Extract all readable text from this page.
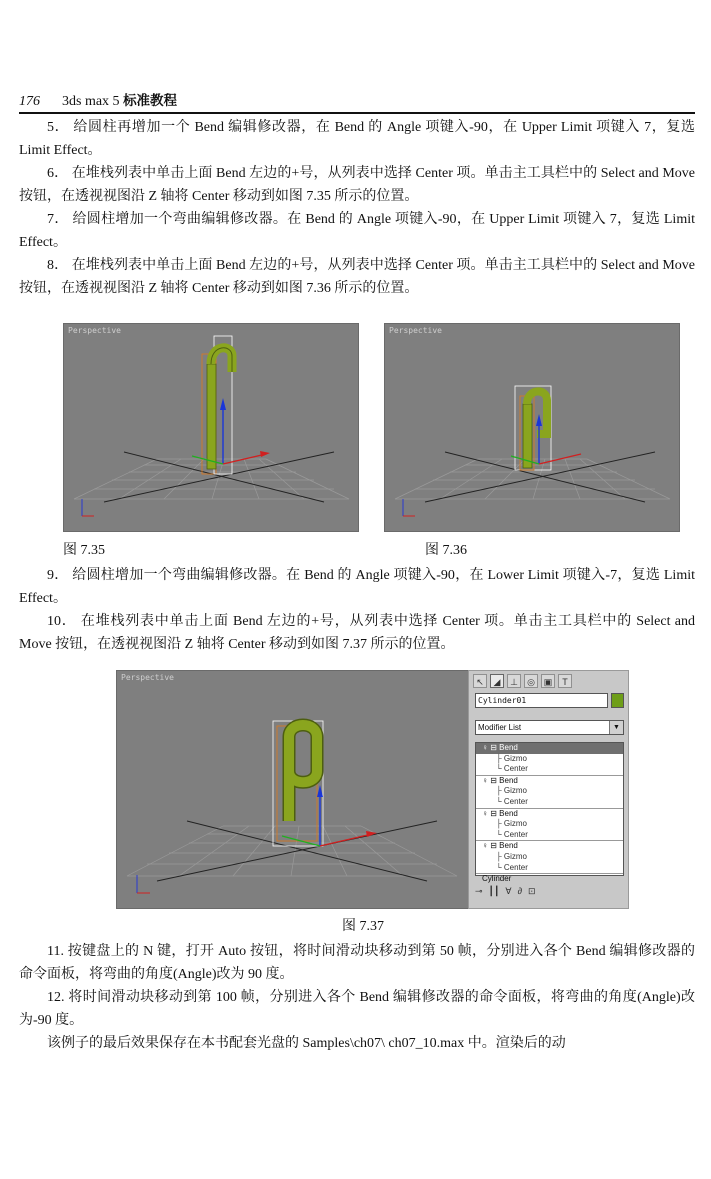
176 3ds max 5 标准教程
5． 给圆柱再增加一个 Bend 编辑修改器，在 Bend 的 Angle 项键入-90，在 Upper Limit 项键入 7，复选 Limit Effect。
6． 在堆栈列表中单击上面 Bend 左边的+号，从列表中选择 Center 项。单击主工具栏中的 Select and Move 按钮，在透视视图沿 Z 轴将 Center 移动到如图 7.35 所示的位置。
7． 给圆柱增加一个弯曲编辑修改器。在 Bend 的 Angle 项键入-90，在 Upper Limit 项键入 7，复选 Limit Effect。
8． 在堆栈列表中单击上面 Bend 左边的+号，从列表中选择 Center 项。单击主工具栏中的 Select and Move 按钮，在透视视图沿 Z 轴将 Center 移动到如图 7.36 所示的位置。
Perspective	Perspective
图 7.35	图 7.36
9． 给圆柱增加一个弯曲编辑修改器。在 Bend 的 Angle 项键入-90，在 Lower Limit 项键入-7，复选 Limit Effect。
10． 在堆栈列表中单击上面 Bend 左边的+号，从列表中选择 Center 项。单击主工具栏中的 Select and Move 按钮，在透视视图沿 Z 轴将 Center 移动到如图 7.37 所示的位置。
Perspective	↖	◢	⊥	◎ ▣	T
Cylinder01
Modifier List	▼
♀ ⊟ Bend
├ Gizmo
└ Center
♀ ⊟ Bend
├ Gizmo
└ Center
♀ ⊟ Bend
├ Gizmo
└ Center
♀ ⊟ Bend
├ Gizmo
└ Center
Cylinder
⊸ ┃┃ ∀ ∂ ⊡
图 7.37
11. 按键盘上的 N 键，打开 Auto 按钮，将时间滑动块移动到第 50 帧，分别进入各个 Bend 编辑修改器的命令面板，将弯曲的角度(Angle)改为 90 度。
12. 将时间滑动块移动到第 100 帧，分别进入各个 Bend 编辑修改器的命令面板，将弯曲的角度(Angle)改为-90 度。
该例子的最后效果保存在本书配套光盘的 Samples\ch07\ ch07_10.max 中。渲染后的动
